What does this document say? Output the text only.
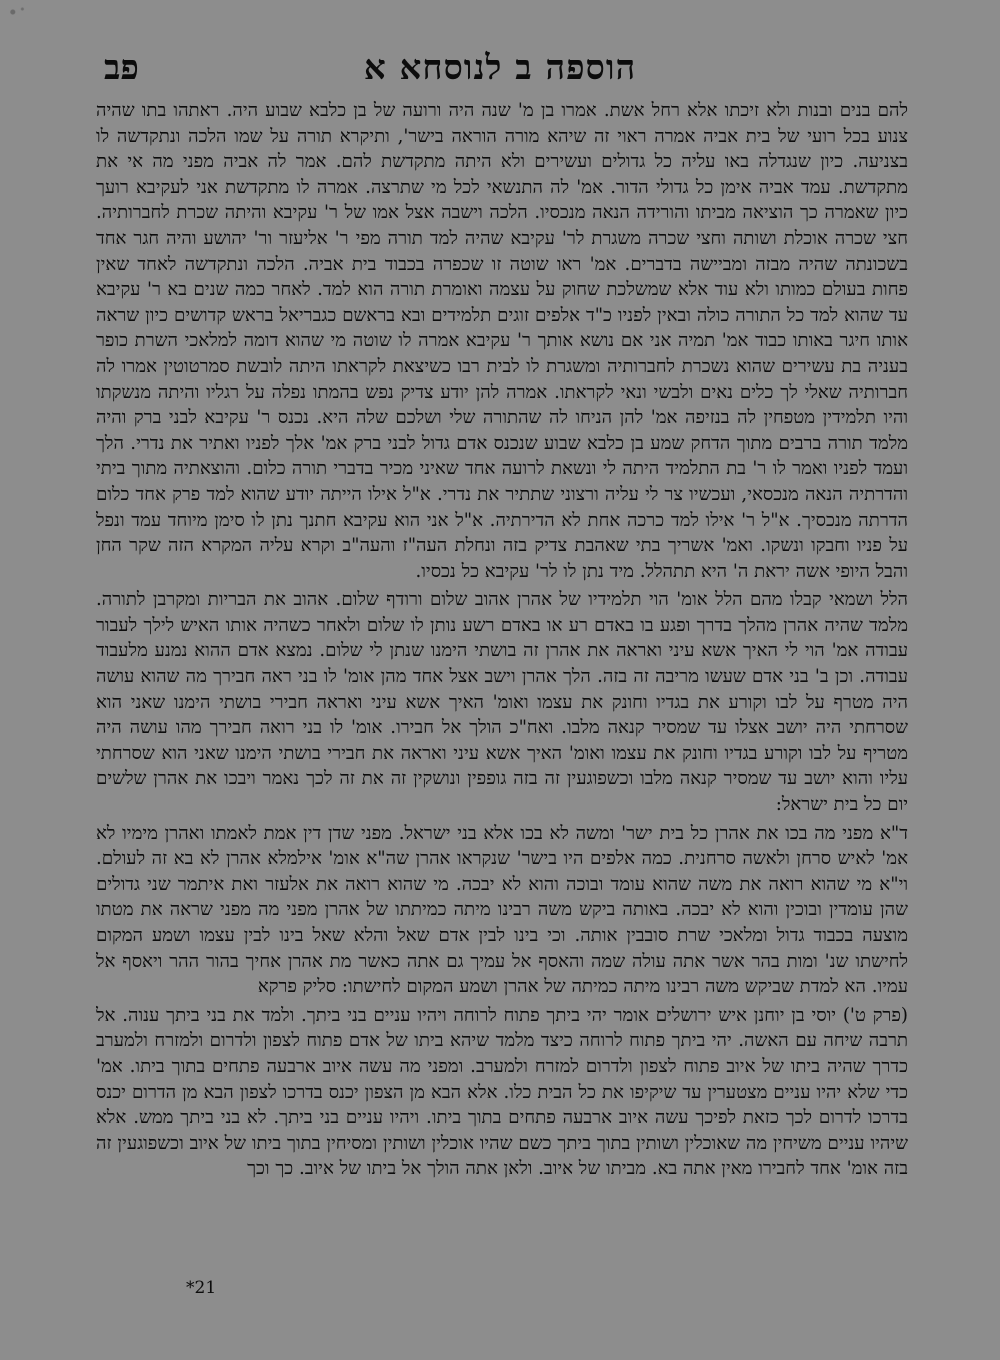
הוספה ב לנוסחא א
פב

להם בנים ובנות ולא זיכתו אלא רחל אשת. אמרו בן מ' שנה היה ורועה של בן כלבא שבוע היה. ראתהו בתו שהיה צנוע בכל רועי של בית אביה אמרה ראוי זה שיהא מורה הוראה בישר', ותיקרא תורה על שמו הלכה ונתקדשה לו בצניעה. כיון שנגדלה באו עליה כל גדולים ועשירים ולא היתה מתקדשת להם. אמר לה אביה מפני מה אי את מתקדשת. עמד אביה אימן כל גדולי הדור. אמ' לה התנשאי לכל מי שתרצה. אמרה לו מתקדשת אני לעקיבא רועך כיון שאמרה כך הוציאה מביתו והורידה הנאה מנכסיו. הלכה וישבה אצל אמו של ר' עקיבא והיתה שכרת לחברותיה. חצי שכרה אוכלת ושותה וחצי שכרה משגרת לר' עקיבא שהיה למד תורה מפי ר' אליעזר ור' יהושע והיה חגר אחד בשכונתה שהיה מבזה ומביישה בדברים. אמ' ראו שוטה זו שכפרה בכבוד בית אביה. הלכה ונתקדשה לאחד שאין פחות בעולם כמותו ולא עוד אלא שמשלכת שחוק על עצמה ואומרת תורה הוא למד. לאחר כמה שנים בא ר' עקיבא עד שהוא למד כל התורה כולה ובאין לפניו כ"ד אלפים זוגים תלמידים ובא בראשם כגבריאל בראש קדושים כיון שראה אותו חיגר באותו כבוד אמ' תמיה אני אם נושא אותך ר' עקיבא אמרה לו שוטה מי שהוא דומה למלאכי השרת כופר בעניה בת עשירים שהוא נשכרת לחברותיה ומשגרת לו לבית רבו כשיצאת לקראתו היתה לובשת סמרטוטין אמרו לה חברותיה שאלי לך כלים נאים ולבשי ונאי לקראתו. אמרה להן יודע צדיק נפש בהמתו נפלה על רגליו והיתה מנשקתו והיו תלמידין מטפחין לה בנזיפה אמ' להן הניחו לה שהתורה שלי ושלכם שלה היא. נכנס ר' עקיבא לבני ברק והיה מלמד תורה ברבים מתוך הדחק שמע בן כלבא שבוע שנכנס אדם גדול לבני ברק אמ' אלך לפניו ואתיר את נדרי. הלך ועמד לפניו ואמר לו ר' בת התלמיד היתה לי ונשאת לרועה אחד שאיני מכיר בדברי תורה כלום. והוצאתיה מתוך ביתי והדרתיה הנאה מנכסאי, ועכשיו צר לי עליה ורצוני שתתיר את נדרי. א"ל אילו הייתה יודע שהוא למד פרק אחד כלום הדרתה מנכסיך. א"ל ר' אילו למד כרכה אחת לא הדירתיה. א"ל אני הוא עקיבא חתנך נתן לו סימן מיוחד עמד ונפל על פניו וחבקו ונשקו. ואמ' אשריך בתי שאהבת צדיק בזה ונחלת העה"ז והעה"ב וקרא עליה המקרא הזה שקר החן והבל היופי אשה יראת ה' היא תתהלל. מיד נתן לו לר' עקיבא כל נכסיו.

הלל ושמאי קבלו מהם הלל אומ' הוי תלמידיו של אהרן אהוב שלום ורודף שלום. אהוב את הבריות ומקרבן לתורה. מלמד שהיה אהרן מהלך בדרך ופגע בו באדם רע או באדם רשע נותן לו שלום ולאחר כשהיה אותו האיש לילך לעבור עבודה אמ' הוי לי האיך אשא עיני ואראה את אהרן זה בושתי הימנו שנתן לי שלום. נמצא אדם ההוא נמנע מלעבוד עבודה. וכן ב' בני אדם שעשו מריבה זה בזה. הלך אהרן וישב אצל אחד מהן אומ' לו בני ראה חבירך מה שהוא עושה היה מטרף על לבו וקורע את בגדיו וחונק את עצמו ואומ' האיך אשא עיני ואראה חבירי בושתי הימנו שאני הוא שסרחתי היה יושב אצלו עד שמסיר קנאה מלבו. ואח"כ הולך אל חבירו. אומ' לו בני רואה חבירך מהו עושה היה מטריף על לבו וקורע בגדיו וחונק את עצמו ואומ' האיך אשא עיני ואראה את חבירי בושתי הימנו שאני הוא שסרחתי עליו והוא יושב עד שמסיר קנאה מלבו וכשפוגעין זה בזה גופפין ונושקין זה את זה לכך נאמר ויבכו את אהרן שלשים יום כל בית ישראל:

ד"א מפני מה בכו את אהרן כל בית ישר' ומשה לא בכו אלא בני ישראל. מפני שדן דין אמת לאמתו ואהרן מימיו לא אמ' לאיש סרחן ולאשה סרחנית. כמה אלפים היו בישר' שנקראו אהרן שה"א אומ' אילמלא אהרן לא בא זה לעולם. וי"א מי שהוא רואה את משה שהוא עומד ובוכה והוא לא יבכה. מי שהוא רואה את אלעזר ואת איתמר שני גדולים שהן עומדין ובוכין והוא לא יבכה. באותה ביקש משה רבינו מיתה כמיתתו של אהרן מפני מה מפני שראה את מטתו מוצעה בכבוד גדול ומלאכי שרת סובבין אותה. וכי בינו לבין אדם שאל והלא שאל בינו לבין עצמו ושמע המקום לחישתו שנ' ומות בהר אשר אתה עולה שמה והאסף אל עמיך גם אתה כאשר מת אהרן אחיך בהור ההר ויאסף אל עמיו. הא למדת שביקש משה רבינו מיתה כמיתה של אהרן ושמע המקום לחישתו: סליק פרקא

(פרק ט') יוסי בן יוחנן איש ירושלים אומר יהי ביתך פתוח לרוחה ויהיו עניים בני ביתך. ולמד את בני ביתך ענוה. אל תרבה שיחה עם האשה. יהי ביתך פתוח לרוחה כיצד מלמד שיהא ביתו של אדם פתוח לצפון ולדרום ולמזרח ולמערב כדרך שהיה ביתו של איוב פתוח לצפון ולדרום למזרח ולמערב. ומפני מה עשה איוב ארבעה פתחים בתוך ביתו. אמ' כדי שלא יהיו עניים מצטערין עד שיקיפו את כל הבית כלו. אלא הבא מן הצפון יכנס בדרכו לצפון הבא מן הדרום יכנס בדרכו לדרום לכך כזאת לפיכך עשה איוב ארבעה פתחים בתוך ביתו. ויהיו עניים בני ביתך. לא בני ביתך ממש. אלא שיהיו עניים משיחין מה שאוכלין ושותין בתוך ביתך כשם שהיו אוכלין ושותין ומסיחין בתוך ביתו של איוב וכשפוגעין זה בזה אומ' אחד לחבירו מאין אתה בא. מביתו של איוב. ולאן אתה הולך אל ביתו של איוב. כך וכך

*21
